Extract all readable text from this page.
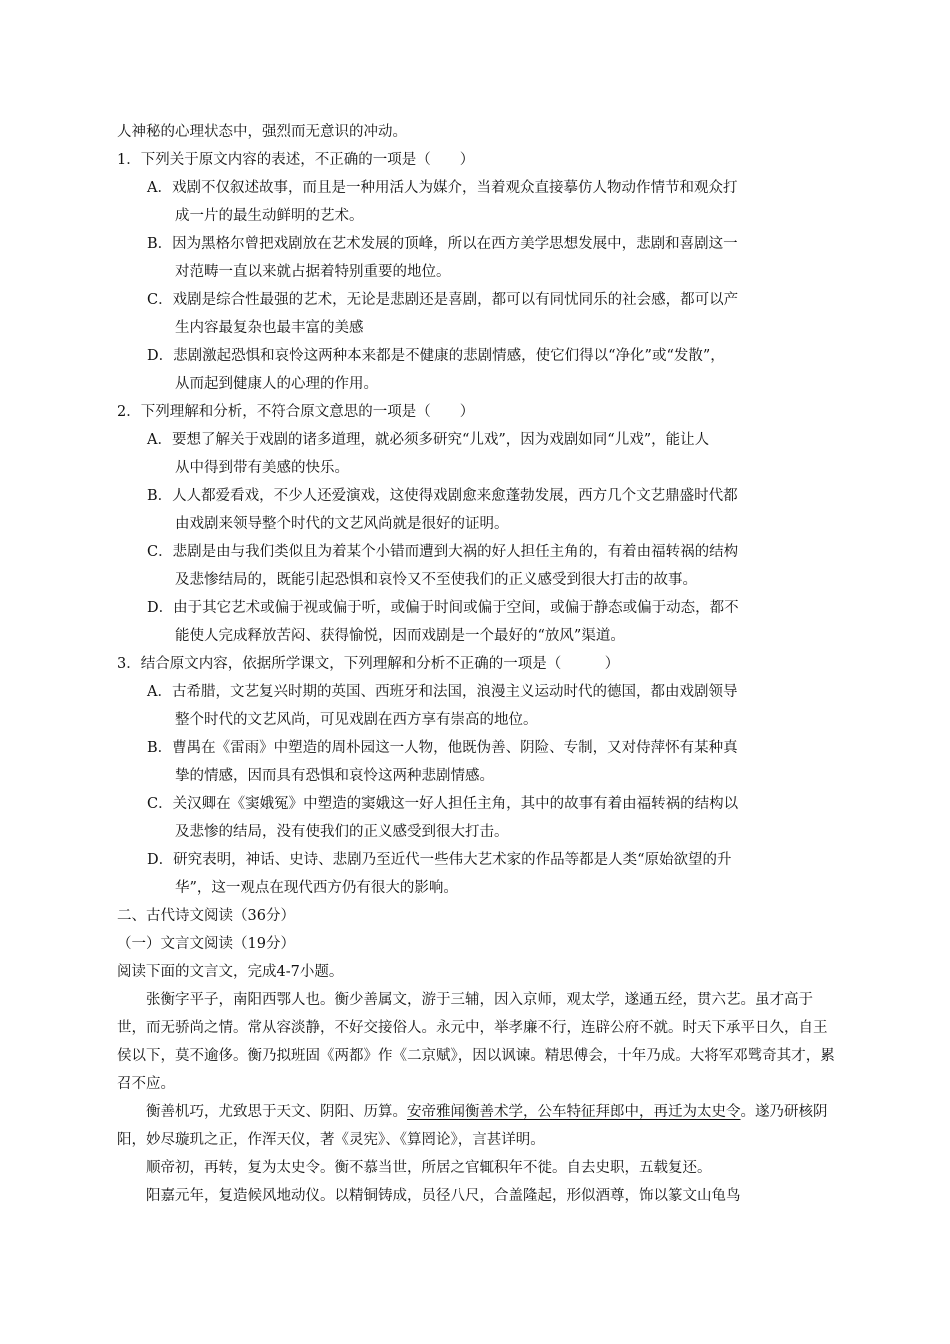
人神秘的心理状态中，强烈而无意识的冲动。
1．下列关于原文内容的表述，不正确的一项是（　　）
A．戏剧不仅叙述故事，而且是一种用活人为媒介，当着观众直接摹仿人物动作情节和观众打
成一片的最生动鲜明的艺术。
B．因为黑格尔曾把戏剧放在艺术发展的顶峰，所以在西方美学思想发展中，悲剧和喜剧这一
对范畴一直以来就占据着特别重要的地位。
C．戏剧是综合性最强的艺术，无论是悲剧还是喜剧，都可以有同忧同乐的社会感，都可以产
生内容最复杂也最丰富的美感
D．悲剧激起恐惧和哀怜这两种本来都是不健康的悲剧情感，使它们得以“净化”或“发散”，
从而起到健康人的心理的作用。
2．下列理解和分析，不符合原文意思的一项是（　　）
A．要想了解关于戏剧的诸多道理，就必须多研究“儿戏”，因为戏剧如同“儿戏”，能让人
从中得到带有美感的快乐。
B．人人都爱看戏，不少人还爱演戏，这使得戏剧愈来愈蓬勃发展，西方几个文艺鼎盛时代都
由戏剧来领导整个时代的文艺风尚就是很好的证明。
C．悲剧是由与我们类似且为着某个小错而遭到大祸的好人担任主角的，有着由福转祸的结构
及悲惨结局的，既能引起恐惧和哀怜又不至使我们的正义感受到很大打击的故事。
D．由于其它艺术或偏于视或偏于听，或偏于时间或偏于空间，或偏于静态或偏于动态，都不
能使人完成释放苦闷、获得愉悦，因而戏剧是一个最好的“放风”渠道。
3．结合原文内容，依据所学课文，下列理解和分析不正确的一项是（　　　）
A．古希腊，文艺复兴时期的英国、西班牙和法国，浪漫主义运动时代的德国，都由戏剧领导
整个时代的文艺风尚，可见戏剧在西方享有崇高的地位。
B．曹禺在《雷雨》中塑造的周朴园这一人物，他既伪善、阴险、专制，又对侍萍怀有某种真
挚的情感，因而具有恐惧和哀怜这两种悲剧情感。
C．关汉卿在《窦娥冤》中塑造的窦娥这一好人担任主角，其中的故事有着由福转祸的结构以
及悲惨的结局，没有使我们的正义感受到很大打击。
D．研究表明，神话、史诗、悲剧乃至近代一些伟大艺术家的作品等都是人类“原始欲望的升
华”，这一观点在现代西方仍有很大的影响。
二、古代诗文阅读（36分）
（一）文言文阅读（19分）
阅读下面的文言文，完成4-7小题。
张衡字平子，南阳西鄂人也。衡少善属文，游于三辅，因入京师，观太学，遂通五经，贯六艺。虽才高于世，而无骄尚之情。常从容淡静，不好交接俗人。永元中，举孝廉不行，连辟公府不就。时天下承平日久，自王侯以下，莫不逾侈。衡乃拟班固《两都》作《二京赋》，因以讽谏。精思傅会，十年乃成。大将军邓骘奇其才，累召不应。
衡善机巧，尤致思于天文、阴阳、历算。安帝雅闻衡善术学，公车特征拜郎中，再迁为太史令。遂乃研核阴阳，妙尽璇玑之正，作浑天仪，著《灵宪》、《算罔论》，言甚详明。
顺帝初，再转，复为太史令。衡不慕当世，所居之官辄积年不徙。自去史职，五载复还。
阳嘉元年，复造候风地动仪。以精铜铸成，员径八尺，合盖隆起，形似酒尊，饰以篆文山龟鸟
